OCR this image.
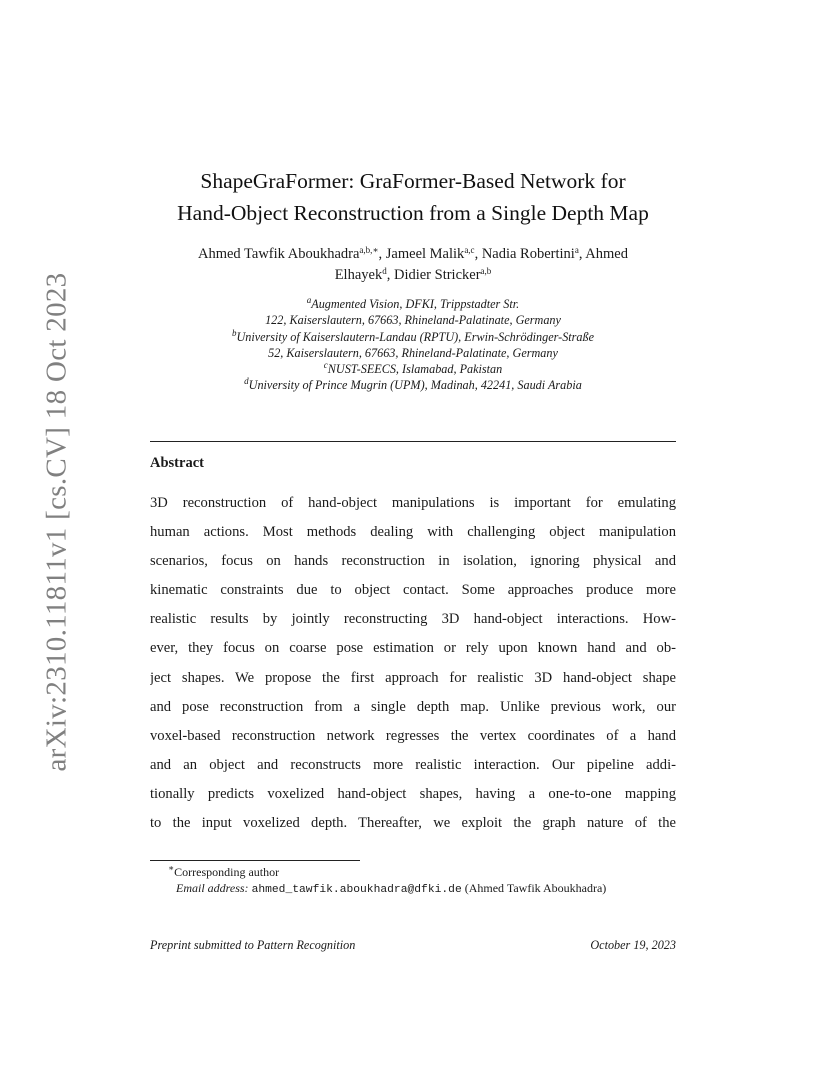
arXiv:2310.11811v1 [cs.CV] 18 Oct 2023
ShapeGraFormer: GraFormer-Based Network for
Hand-Object Reconstruction from a Single Depth Map
Ahmed Tawfik Aboukhadra$^{a,b,∗}$, Jameel Malik$^{a,c}$, Nadia Robertini$^a$, Ahmed
Elhayek$^d$, Didier Stricker$^{a,b}$
$^a$Augmented Vision, DFKI, Trippstadter Str.
122, Kaiserslautern, 67663, Rhineland-Palatinate, Germany
$^b$University of Kaiserslautern-Landau (RPTU), Erwin-Schrödinger-Straße
52, Kaiserslautern, 67663, Rhineland-Palatinate, Germany
$^c$NUST-SEECS, Islamabad, Pakistan
$^d$University of Prince Mugrin (UPM), Madinah, 42241, Saudi Arabia
Abstract
3D reconstruction of hand-object manipulations is important for emulating
human actions. Most methods dealing with challenging object manipulation
scenarios, focus on hands reconstruction in isolation, ignoring physical and
kinematic constraints due to object contact. Some approaches produce more
realistic results by jointly reconstructing 3D hand-object interactions. How-
ever, they focus on coarse pose estimation or rely upon known hand and ob-
ject shapes. We propose the first approach for realistic 3D hand-object shape
and pose reconstruction from a single depth map. Unlike previous work, our
voxel-based reconstruction network regresses the vertex coordinates of a hand
and an object and reconstructs more realistic interaction. Our pipeline addi-
tionally predicts voxelized hand-object shapes, having a one-to-one mapping
to the input voxelized depth. Thereafter, we exploit the graph nature of the
∗Corresponding author
Email address: ahmed_tawfik.aboukhadra@dfki.de (Ahmed Tawfik Aboukhadra)
Preprint submitted to Pattern Recognition	October 19, 2023
